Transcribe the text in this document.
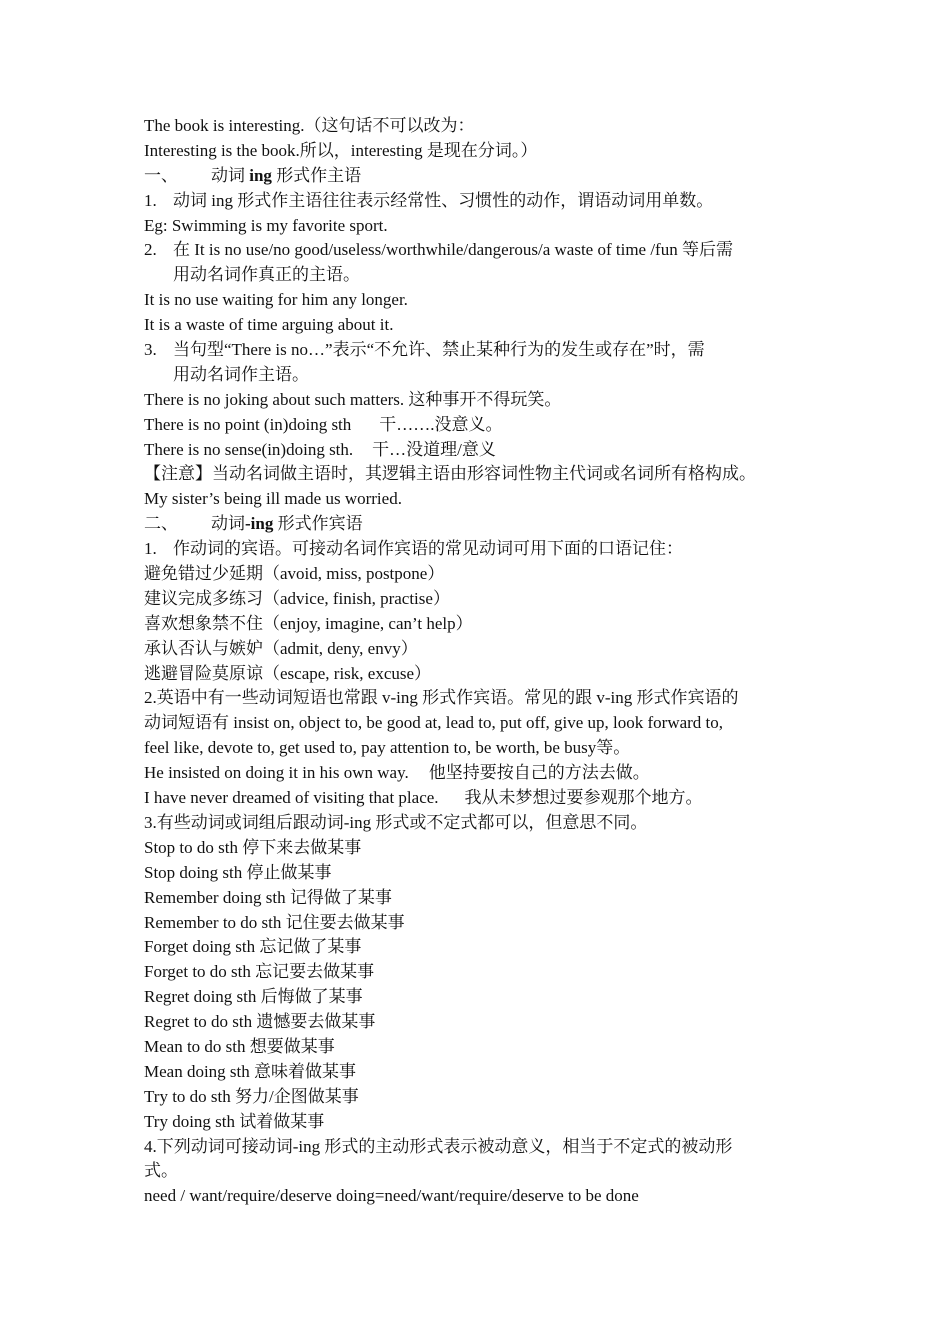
The book is interesting.（这句话不可以改为：
Interesting is the book.所以，interesting 是现在分词。）
一、 动词 ing 形式作主语
1. 动词 ing 形式作主语往往表示经常性、习惯性的动作，谓语动词用单数。
Eg: Swimming is my favorite sport.
2. 在 It is no use/no good/useless/worthwhile/dangerous/a waste of time /fun 等后需
用动名词作真正的主语。
It is no use waiting for him any longer.
It is a waste of time arguing about it.
3. 当句型“There is no…”表示“不允许、禁止某种行为的发生或存在”时，需
用动名词作主语。
There is no joking about such matters. 这种事开不得玩笑。
There is no point (in)doing sth 干…….没意义。
There is no sense(in)doing sth. 干…没道理/意义
【注意】当动名词做主语时，其逻辑主语由形容词性物主代词或名词所有格构成。
My sister’s being ill made us worried.
二、 动词-ing 形式作宾语
1. 作动词的宾语。可接动名词作宾语的常见动词可用下面的口语记住：
避免错过少延期（avoid, miss, postpone）
建议完成多练习（advice, finish, practise）
喜欢想象禁不住（enjoy, imagine, can’t help）
承认否认与嫉妒（admit, deny, envy）
逃避冒险莫原谅（escape, risk, excuse）
2.英语中有一些动词短语也常跟 v-ing 形式作宾语。常见的跟 v-ing 形式作宾语的
动词短语有 insist on, object to, be good at, lead to, put off, give up, look forward to,
feel like, devote to, get used to, pay attention to, be worth, be busy等。
He insisted on doing it in his own way. 他坚持要按自己的方法去做。
I have never dreamed of visiting that place. 我从未梦想过要参观那个地方。
3.有些动词或词组后跟动词-ing 形式或不定式都可以，但意思不同。
Stop to do sth 停下来去做某事
Stop doing sth 停止做某事
Remember doing sth 记得做了某事
Remember to do sth 记住要去做某事
Forget doing sth 忘记做了某事
Forget to do sth 忘记要去做某事
Regret doing sth 后悔做了某事
Regret to do sth 遗憾要去做某事
Mean to do sth 想要做某事
Mean doing sth 意味着做某事
Try to do sth 努力/企图做某事
Try doing sth 试着做某事
4.下列动词可接动词-ing 形式的主动形式表示被动意义，相当于不定式的被动形
式。
need / want/require/deserve doing=need/want/require/deserve to be done
